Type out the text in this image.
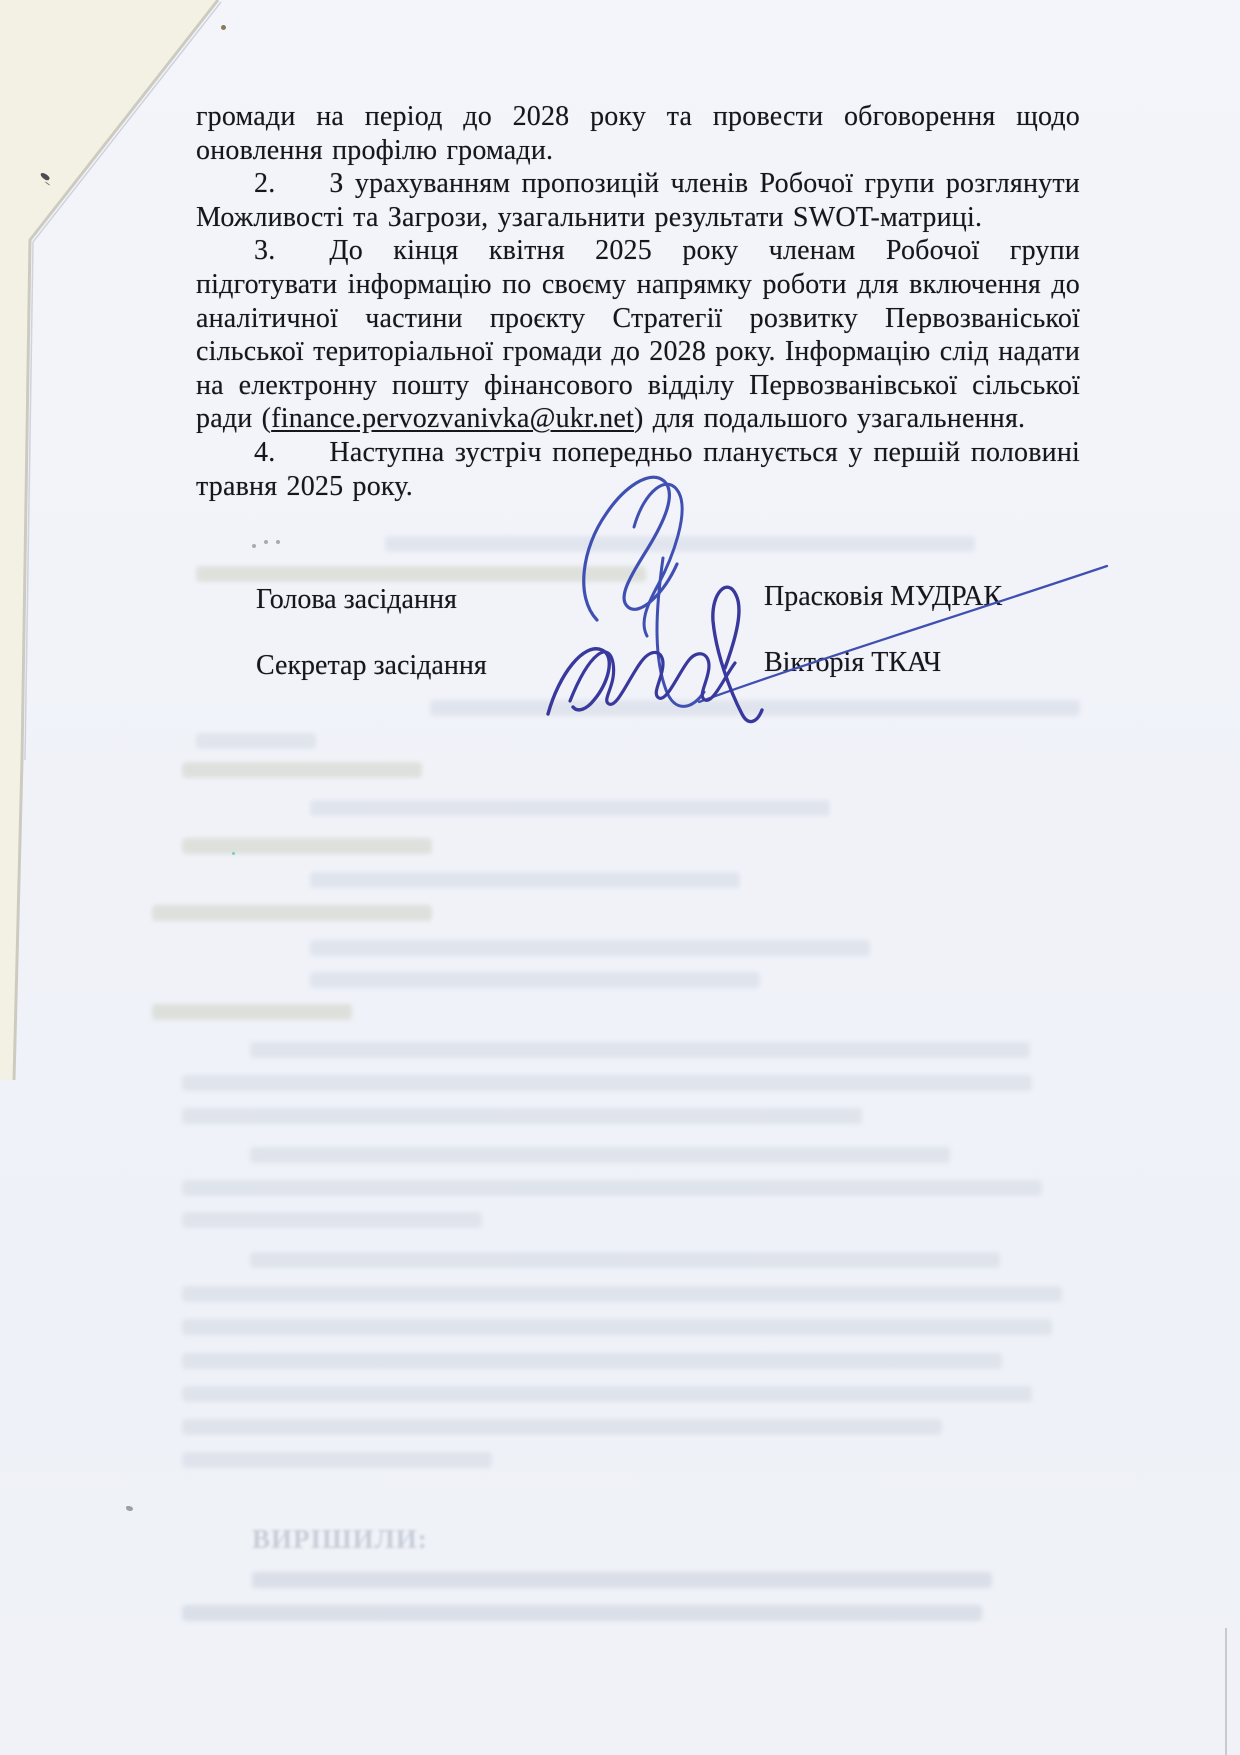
ВИРІШИЛИ:

громади на період до 2028 року та провести обговорення щодо оновлення профілю громади.

2. З урахуванням пропозицій членів Робочої групи розглянути Можливості та Загрози, узагальнити результати SWOT-матриці.

3. До кінця квітня 2025 року членам Робочої групи підготувати інформацію по своєму напрямку роботи для включення до аналітичної частини проєкту Стратегії розвитку Первозваніської сільської територіальної громади до 2028 року. Інформацію слід надати на електронну пошту фінансового відділу Первозванівської сільської ради (finance.pervozvanivka@ukr.net) для подальшого узагальнення.

4. Наступна зустріч попередньо планується у першій половині травня 2025 року.

Голова засідання	Прасковія МУДРАК
Секретар засідання	Вікторія ТКАЧ
